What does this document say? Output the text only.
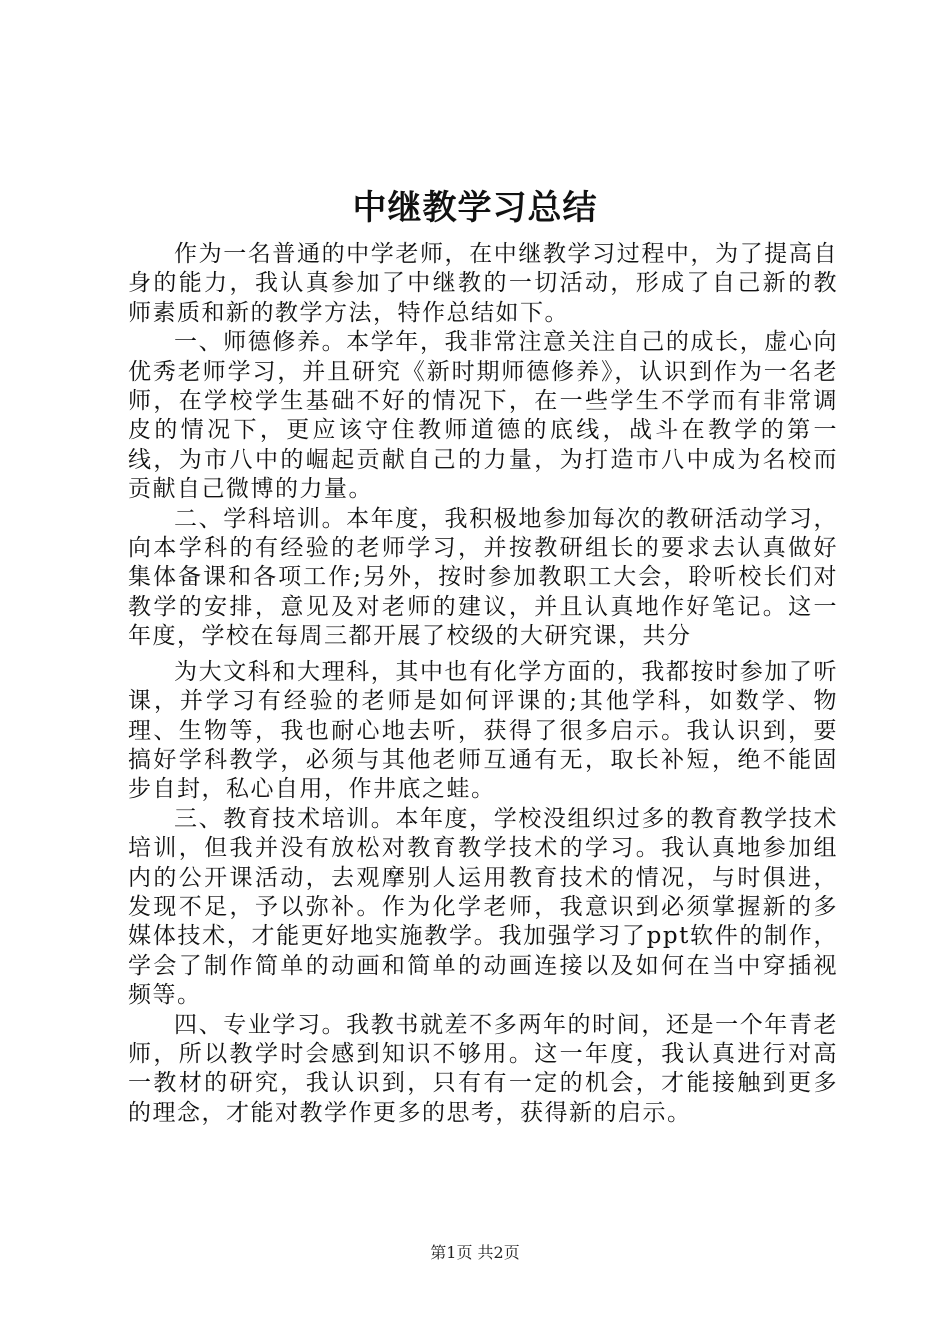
中继教学习总结

作为一名普通的中学老师，在中继教学习过程中，为了提高自身的能力，我认真参加了中继教的一切活动，形成了自己新的教师素质和新的教学方法，特作总结如下。

一、师德修养。本学年，我非常注意关注自己的成长，虚心向优秀老师学习，并且研究《新时期师德修养》，认识到作为一名老师，在学校学生基础不好的情况下，在一些学生不学而有非常调皮的情况下，更应该守住教师道德的底线，战斗在教学的第一线，为市八中的崛起贡献自己的力量，为打造市八中成为名校而贡献自己微博的力量。

二、学科培训。本年度，我积极地参加每次的教研活动学习，向本学科的有经验的老师学习，并按教研组长的要求去认真做好集体备课和各项工作;另外，按时参加教职工大会，聆听校长们对教学的安排，意见及对老师的建议，并且认真地作好笔记。这一年度，学校在每周三都开展了校级的大研究课，共分

为大文科和大理科，其中也有化学方面的，我都按时参加了听课，并学习有经验的老师是如何评课的;其他学科，如数学、物理、生物等，我也耐心地去听，获得了很多启示。我认识到，要搞好学科教学，必须与其他老师互通有无，取长补短，绝不能固步自封，私心自用，作井底之蛙。

三、教育技术培训。本年度，学校没组织过多的教育教学技术培训，但我并没有放松对教育教学技术的学习。我认真地参加组内的公开课活动，去观摩别人运用教育技术的情况，与时俱进，发现不足，予以弥补。作为化学老师，我意识到必须掌握新的多媒体技术，才能更好地实施教学。我加强学习了ppt软件的制作，学会了制作简单的动画和简单的动画连接以及如何在当中穿插视频等。

四、专业学习。我教书就差不多两年的时间，还是一个年青老师，所以教学时会感到知识不够用。这一年度，我认真进行对高一教材的研究，我认识到，只有有一定的机会，才能接触到更多的理念，才能对教学作更多的思考，获得新的启示。

第1页 共2页
